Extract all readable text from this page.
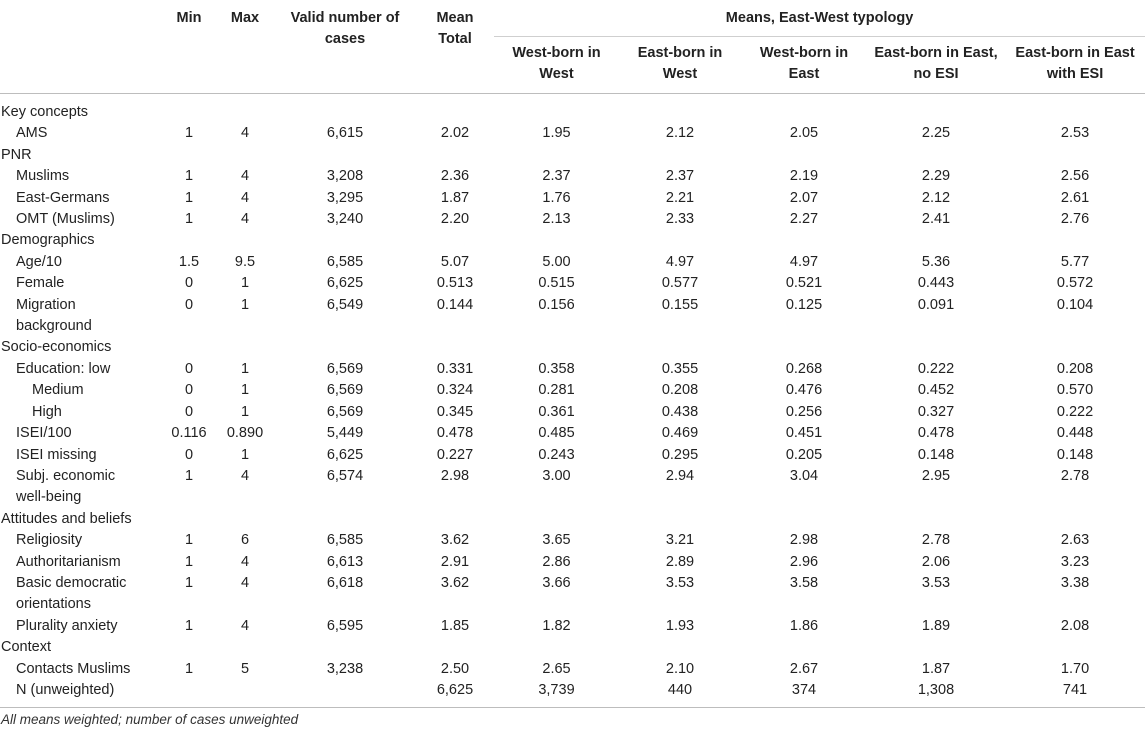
	Min	Max	Valid number of cases	Mean Total	Means, East-West typology				
					West-born in West	East-born in West	West-born in East	East-born in East, no ESI	East-born in East with ESI
Key concepts									
AMS	1	4	6,615	2.02	1.95	2.12	2.05	2.25	2.53
PNR									
Muslims	1	4	3,208	2.36	2.37	2.37	2.19	2.29	2.56
East-Germans	1	4	3,295	1.87	1.76	2.21	2.07	2.12	2.61
OMT (Muslims)	1	4	3,240	2.20	2.13	2.33	2.27	2.41	2.76
Demographics									
Age/10	1.5	9.5	6,585	5.07	5.00	4.97	4.97	5.36	5.77
Female	0	1	6,625	0.513	0.515	0.577	0.521	0.443	0.572
Migration	0	1	6,549	0.144	0.156	0.155	0.125	0.091	0.104
background									
Socio-economics									
Education: low	0	1	6,569	0.331	0.358	0.355	0.268	0.222	0.208
Medium	0	1	6,569	0.324	0.281	0.208	0.476	0.452	0.570
High	0	1	6,569	0.345	0.361	0.438	0.256	0.327	0.222
ISEI/100	0.116	0.890	5,449	0.478	0.485	0.469	0.451	0.478	0.448
ISEI missing	0	1	6,625	0.227	0.243	0.295	0.205	0.148	0.148
Subj. economic	1	4	6,574	2.98	3.00	2.94	3.04	2.95	2.78
well-being									
Attitudes and beliefs									
Religiosity	1	6	6,585	3.62	3.65	3.21	2.98	2.78	2.63
Authoritarianism	1	4	6,613	2.91	2.86	2.89	2.96	2.06	3.23
Basic democratic	1	4	6,618	3.62	3.66	3.53	3.58	3.53	3.38
orientations									
Plurality anxiety	1	4	6,595	1.85	1.82	1.93	1.86	1.89	2.08
Context									
Contacts Muslims	1	5	3,238	2.50	2.65	2.10	2.67	1.87	1.70
N (unweighted)				6,625	3,739	440	374	1,308	741
All means weighted; number of cases unweighted
